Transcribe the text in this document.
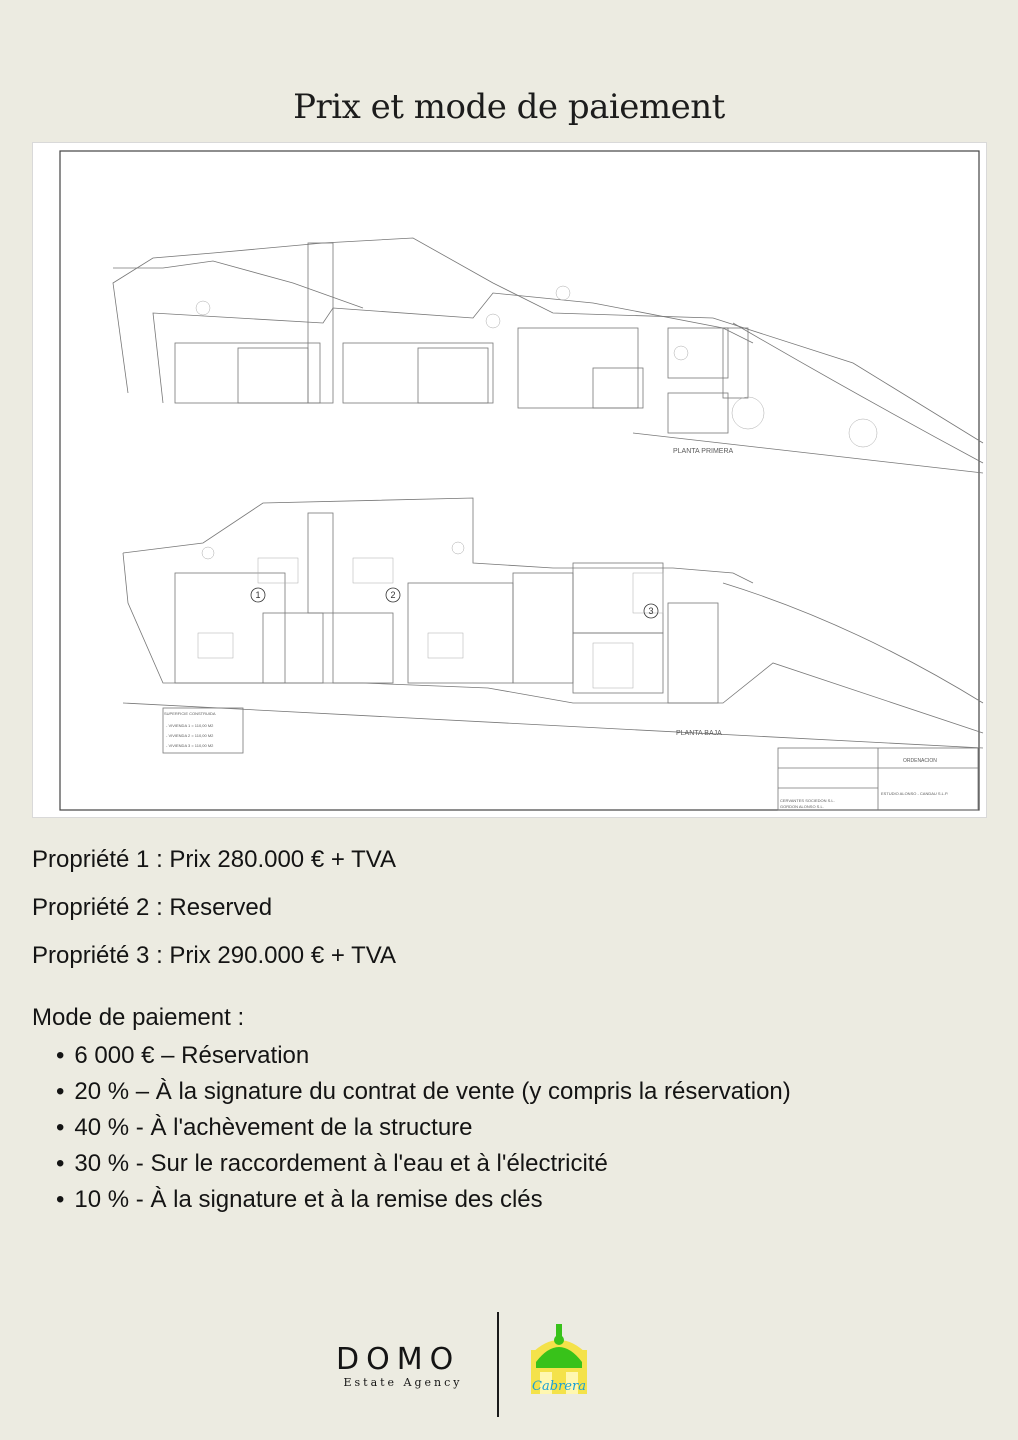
Prix et mode de paiement
PLANTA PRIMERA
PLANTA BAJA
SUPERFICIE CONSTRUIDA
- VIVIENDA 1 = 110,00 M2
- VIVIENDA 2 = 110,00 M2
- VIVIENDA 3 = 110,00 M2
ORDENACION
ESTUDIO ALONSO - CANDAU S.L.P.
CERVANTES SOCIEDON S.L.
GORDON ALONSO S.L.
1	2
3
Propriété 1 : Prix 280.000 € + TVA
Propriété 2 : Reserved
Propriété 3 : Prix 290.000 € + TVA
Mode de paiement :
• 6 000 € – Réservation
• 20 % – À la signature du contrat de vente (y compris la réservation)
• 40 % - À l'achèvement de la structure
• 30 % - Sur le raccordement à l'eau et à l'électricité
• 10 % - À la signature et à la remise des clés
DOMO
Estate Agency	Cabrera
